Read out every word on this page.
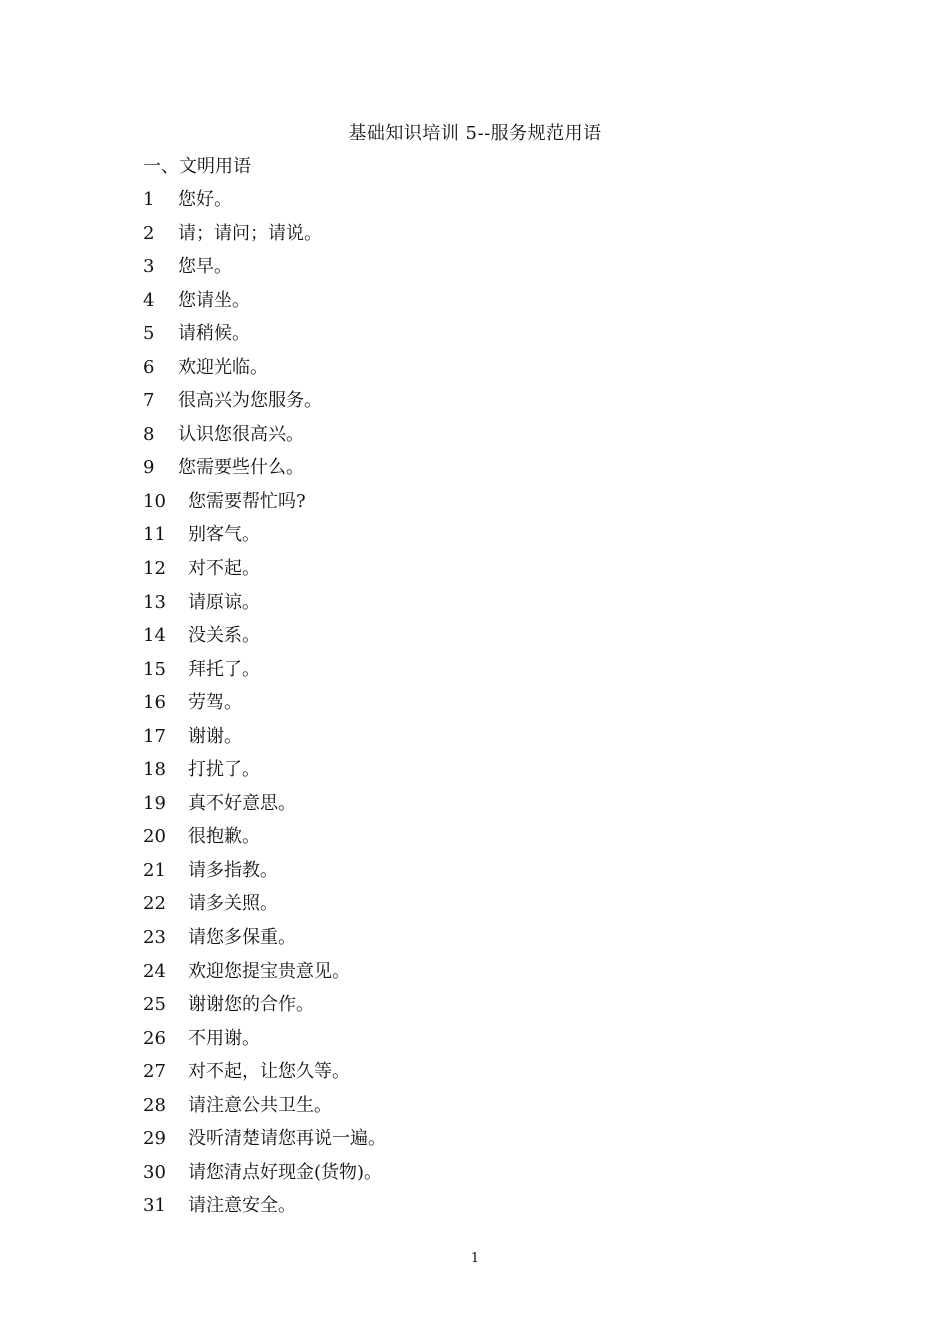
基础知识培训 5--服务规范用语
一、文明用语
1	您好。
2	请；请问；请说。
3	您早。
4	您请坐。
5	请稍候。
6	欢迎光临。
7	很高兴为您服务。
8	认识您很高兴。
9	您需要些什么。
10	您需要帮忙吗?
11	别客气。
12	对不起。
13	请原谅。
14	没关系。
15	拜托了。
16	劳驾。
17	谢谢。
18	打扰了。
19	真不好意思。
20	很抱歉。
21	请多指教。
22	请多关照。
23	请您多保重。
24	欢迎您提宝贵意见。
25	谢谢您的合作。
26	不用谢。
27	对不起，让您久等。
28	请注意公共卫生。
29	没听清楚请您再说一遍。
30	请您清点好现金(货物)。
31	请注意安全。
1
